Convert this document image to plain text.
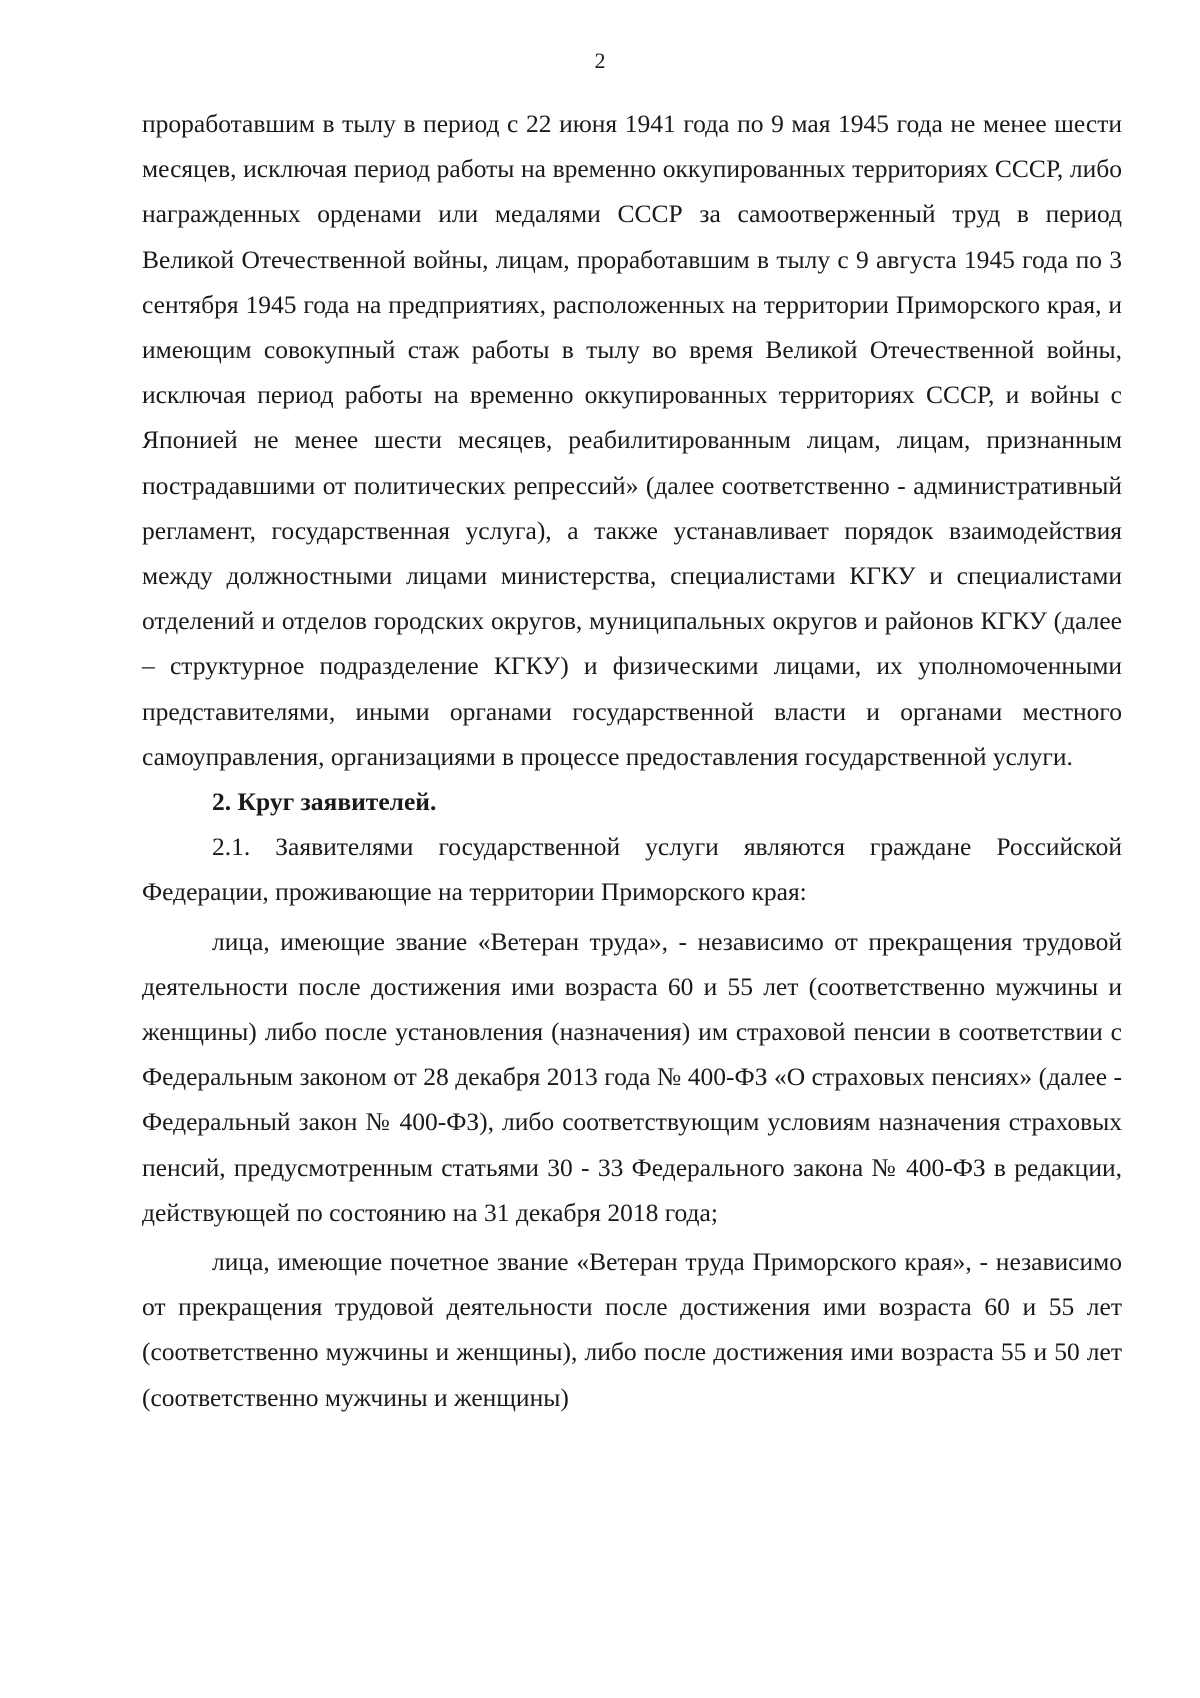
2

проработавшим в тылу в период с 22 июня 1941 года по 9 мая 1945 года не менее шести месяцев, исключая период работы на временно оккупированных территориях СССР, либо награжденных орденами или медалями СССР за самоотверженный труд в период Великой Отечественной войны, лицам, проработавшим в тылу с 9 августа 1945 года по 3 сентября 1945 года на предприятиях, расположенных на территории Приморского края, и имеющим совокупный стаж работы в тылу во время Великой Отечественной войны, исключая период работы на временно оккупированных территориях СССР, и войны с Японией не менее шести месяцев, реабилитированным лицам, лицам, признанным пострадавшими от политических репрессий» (далее соответственно - административный регламент, государственная услуга), а также устанавливает порядок взаимодействия между должностными лицами министерства, специалистами КГКУ и специалистами отделений и отделов городских округов, муниципальных округов и районов КГКУ (далее – структурное подразделение КГКУ) и физическими лицами, их уполномоченными представителями, иными органами государственной власти и органами местного самоуправления, организациями в процессе предоставления государственной услуги.

2. Круг заявителей.

2.1. Заявителями государственной услуги являются граждане Российской Федерации, проживающие на территории Приморского края:

лица, имеющие звание «Ветеран труда», - независимо от прекращения трудовой деятельности после достижения ими возраста 60 и 55 лет (соответственно мужчины и женщины) либо после установления (назначения) им страховой пенсии в соответствии с Федеральным законом от 28 декабря 2013 года № 400-ФЗ «О страховых пенсиях» (далее - Федеральный закон № 400-ФЗ), либо соответствующим условиям назначения страховых пенсий, предусмотренным статьями 30 - 33 Федерального закона № 400-ФЗ в редакции, действующей по состоянию на 31 декабря 2018 года;

лица, имеющие почетное звание «Ветеран труда Приморского края», - независимо от прекращения трудовой деятельности после достижения ими возраста 60 и 55 лет (соответственно мужчины и женщины), либо после достижения ими возраста 55 и 50 лет (соответственно мужчины и женщины)
